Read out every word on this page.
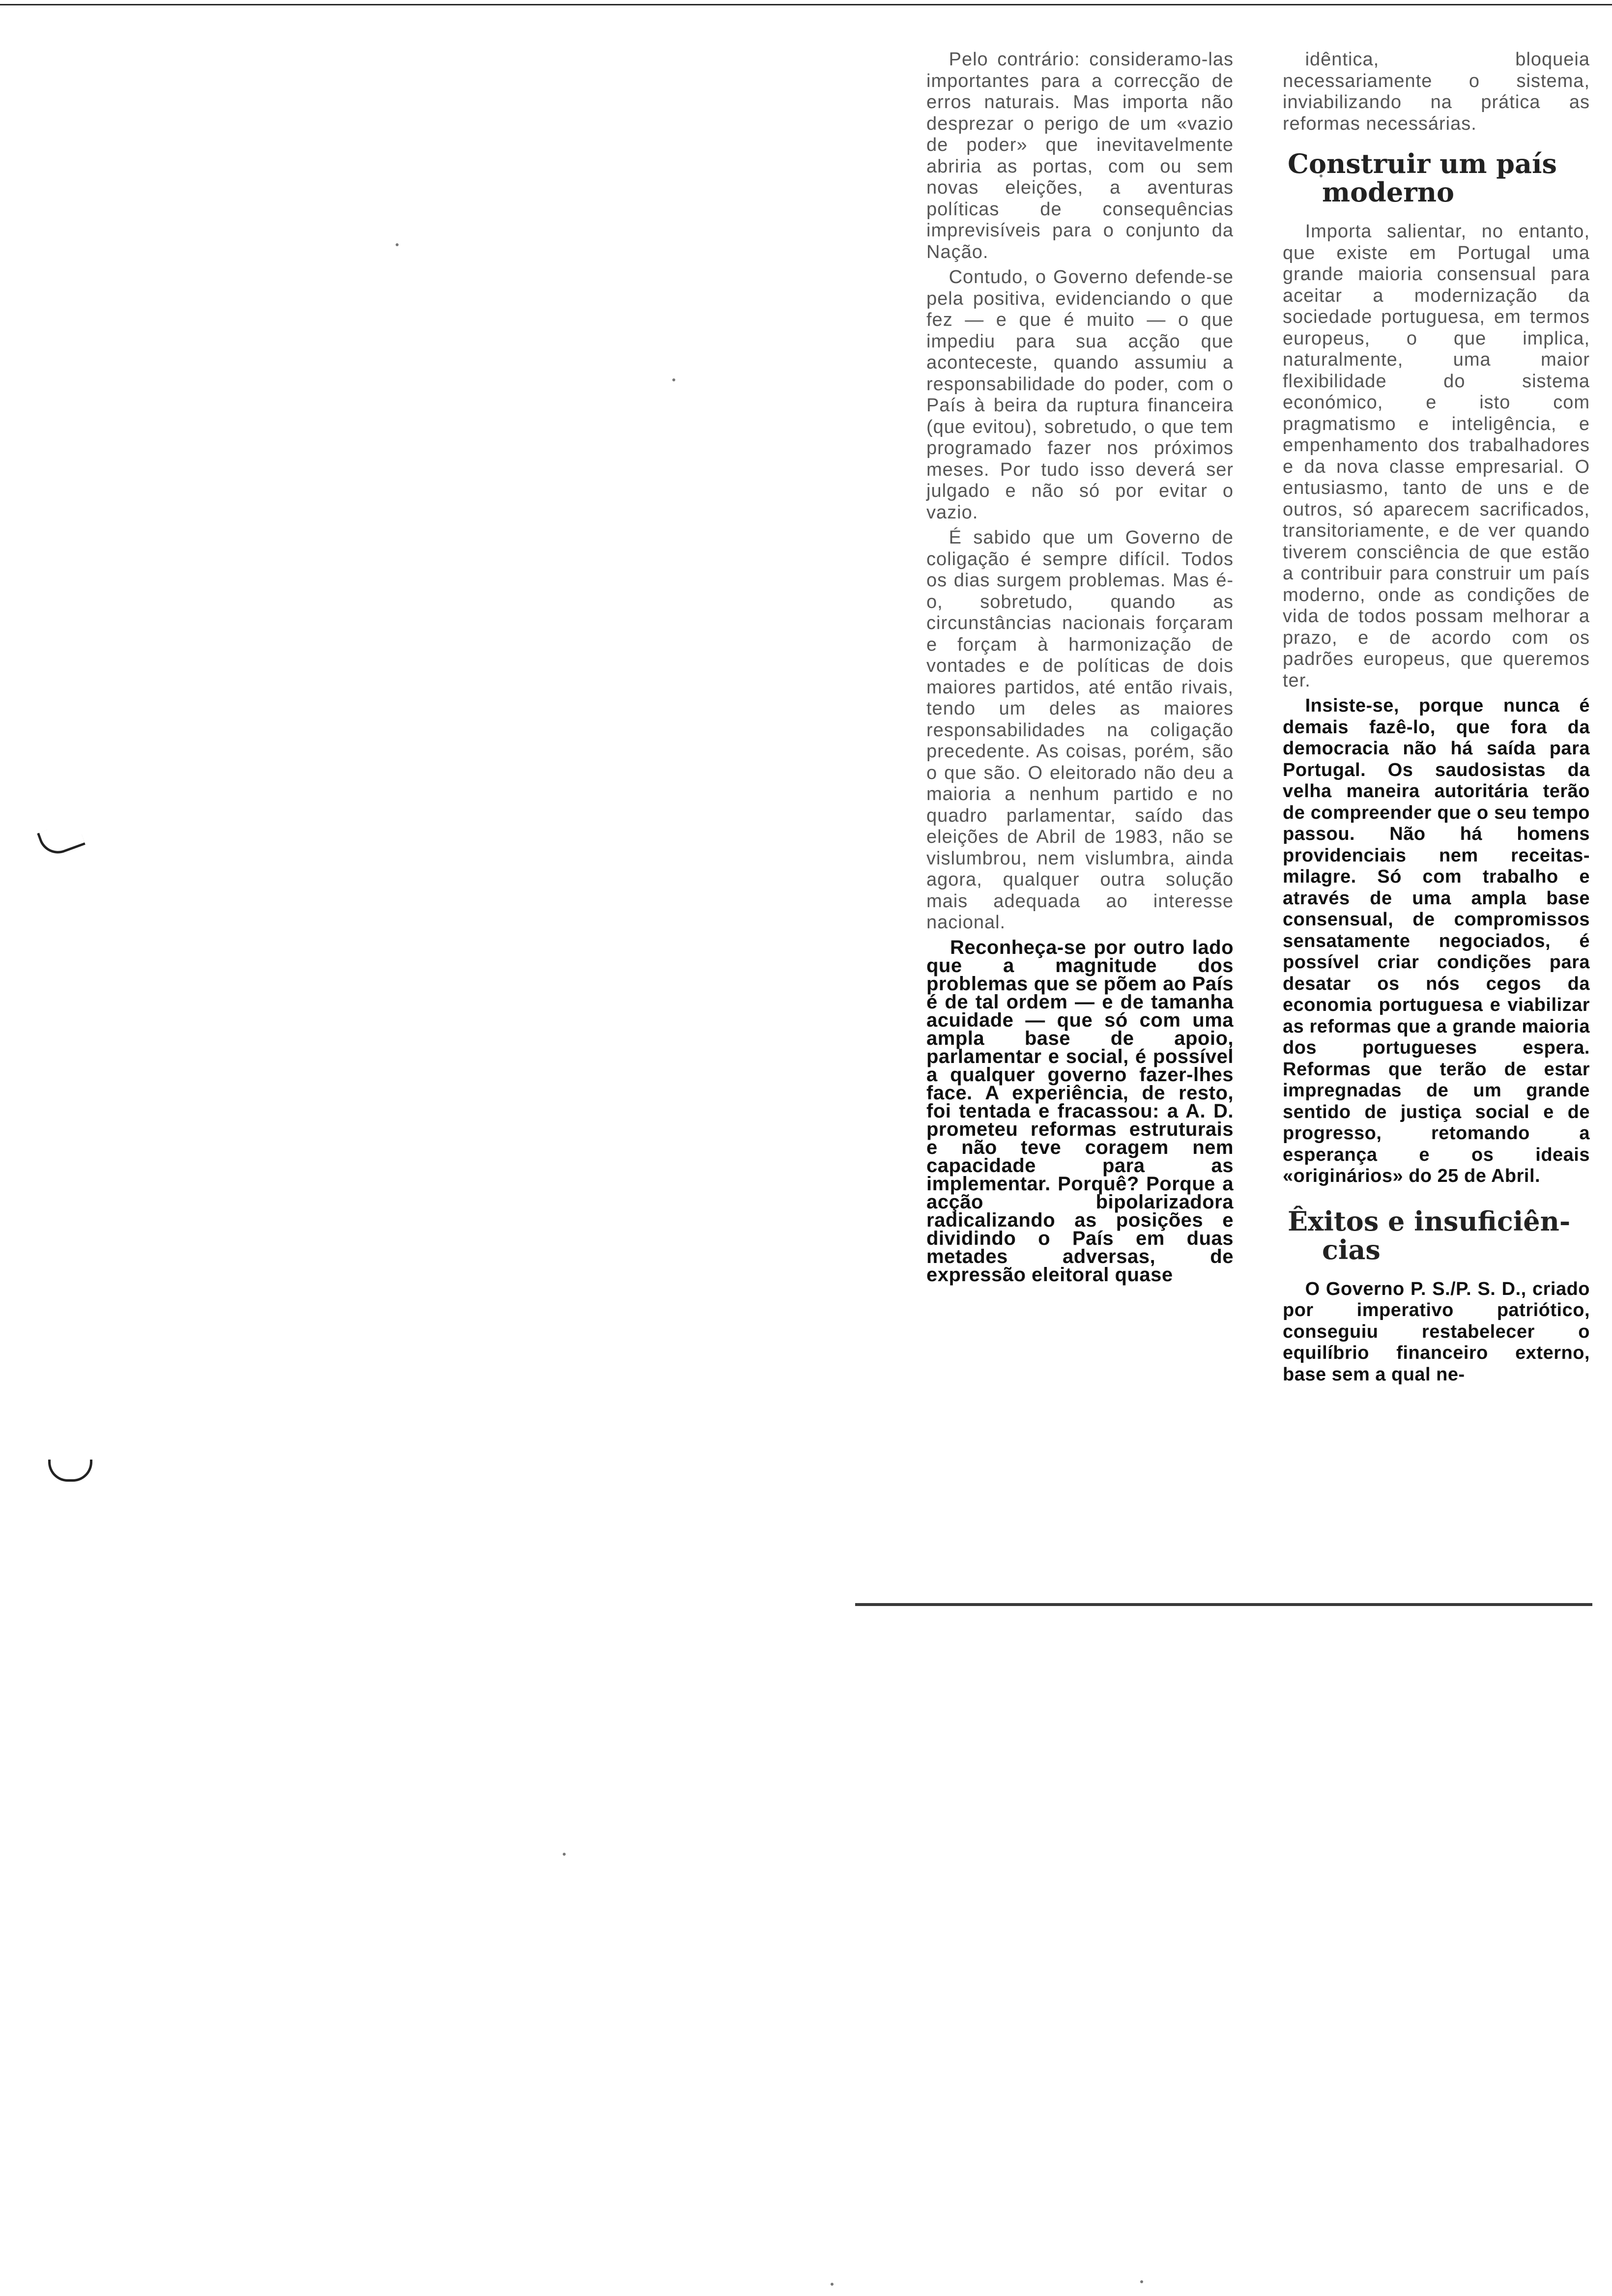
Pelo contrário: consideramo-las importantes para a correcção de erros naturais. Mas importa não desprezar o perigo de um «vazio de poder» que inevitavelmente abriria as portas, com ou sem novas eleições, a aventuras políticas de consequências imprevisíveis para o conjunto da Nação.

Contudo, o Governo defende-se pela positiva, evidenciando o que fez — e que é muito — o que impediu para sua acção que aconteceste, quando assumiu a responsabilidade do poder, com o País à beira da ruptura financeira (que evitou), sobretudo, o que tem programado fazer nos próximos meses. Por tudo isso deverá ser julgado e não só por evitar o vazio.

É sabido que um Governo de coligação é sempre difícil. Todos os dias surgem problemas. Mas é-o, sobretudo, quando as circunstâncias nacionais forçaram e forçam à harmonização de vontades e de políticas de dois maiores partidos, até então rivais, tendo um deles as maiores responsabilidades na coligação precedente. As coisas, porém, são o que são. O eleitorado não deu a maioria a nenhum partido e no quadro parlamentar, saído das eleições de Abril de 1983, não se vislumbrou, nem vislumbra, ainda agora, qualquer outra solução mais adequada ao interesse nacional.

Reconheça-se por outro lado que a magnitude dos problemas que se põem ao País é de tal ordem — e de tamanha acuidade — que só com uma ampla base de apoio, parlamentar e social, é possível a qualquer governo fazer-lhes face. A experiência, de resto, foi tentada e fracassou: a A. D. prometeu reformas estruturais e não teve coragem nem capacidade para as implementar. Porquê? Porque a acção bipolarizadora radicalizando as posições e dividindo o País em duas metades adversas, de expressão eleitoral quase

idêntica, bloqueia necessariamente o sistema, inviabilizando na prática as reformas necessárias.

Construir um país
moderno

Importa salientar, no entanto, que existe em Portugal uma grande maioria consensual para aceitar a modernização da sociedade portuguesa, em termos europeus, o que implica, naturalmente, uma maior flexibilidade do sistema económico, e isto com pragmatismo e inteligência, e empenhamento dos trabalhadores e da nova classe empresarial. O entusiasmo, tanto de uns e de outros, só aparecem sacrificados, transitoriamente, e de ver quando tiverem consciência de que estão a contribuir para construir um país moderno, onde as condições de vida de todos possam melhorar a prazo, e de acordo com os padrões europeus, que queremos ter.

Insiste-se, porque nunca é demais fazê-lo, que fora da democracia não há saída para Portugal. Os saudosistas da velha maneira autoritária terão de compreender que o seu tempo passou. Não há homens providenciais nem receitas-milagre. Só com trabalho e através de uma ampla base consensual, de compromissos sensatamente negociados, é possível criar condições para desatar os nós cegos da economia portuguesa e viabilizar as reformas que a grande maioria dos portugueses espera. Reformas que terão de estar impregnadas de um grande sentido de justiça social e de progresso, retomando a esperança e os ideais «originários» do 25 de Abril.

Êxitos e insuficiên-
cias

O Governo P. S./P. S. D., criado por imperativo patriótico, conseguiu restabelecer o equilíbrio financeiro externo, base sem a qual ne-
